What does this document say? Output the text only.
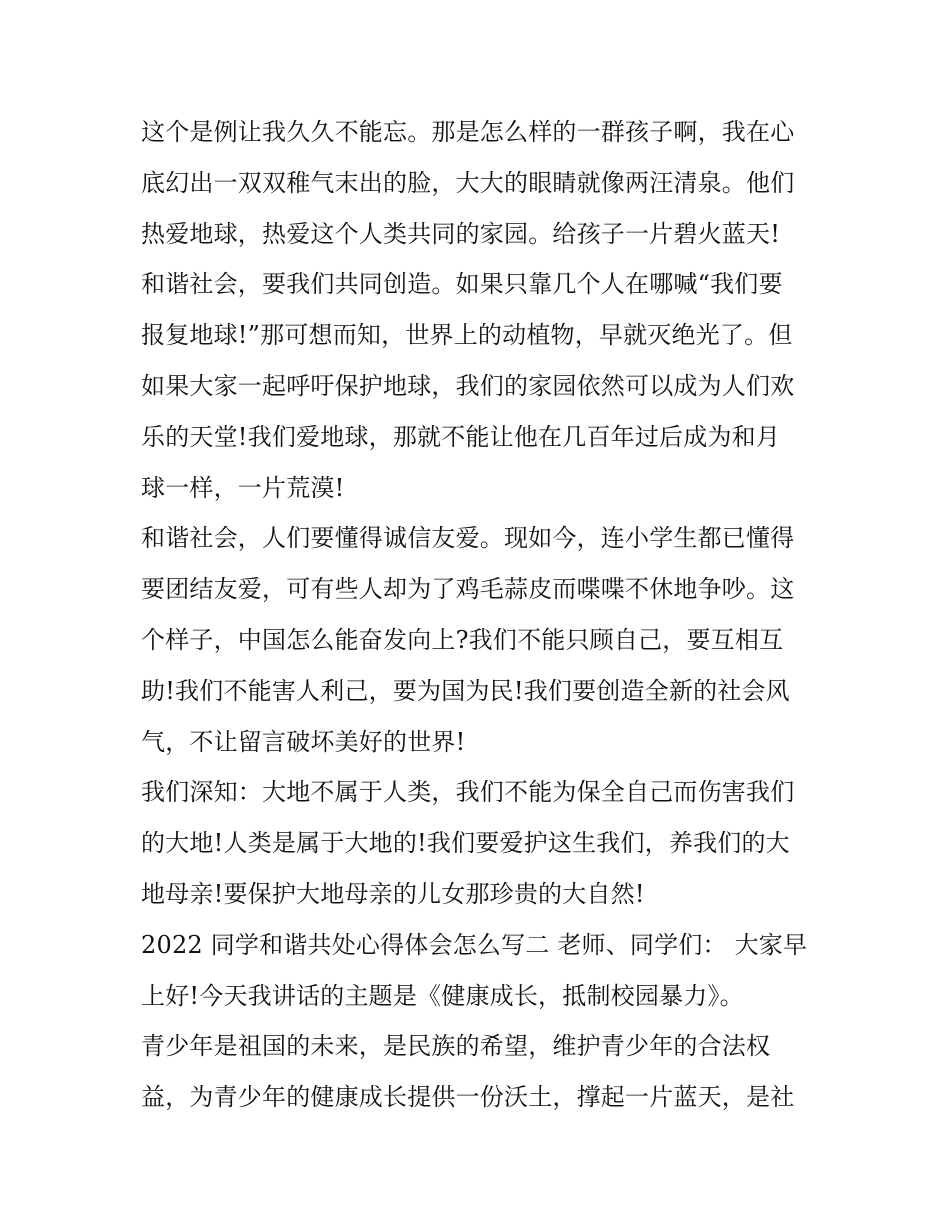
这个是例让我久久不能忘。那是怎么样的一群孩子啊，我在心
底幻出一双双稚气末出的脸，大大的眼睛就像两汪清泉。他们
热爱地球，热爱这个人类共同的家园。给孩子一片碧火蓝天!
和谐社会，要我们共同创造。如果只靠几个人在哪喊“我们要
报复地球!”那可想而知，世界上的动植物，早就灭绝光了。但
如果大家一起呼吁保护地球，我们的家园依然可以成为人们欢
乐的天堂!我们爱地球，那就不能让他在几百年过后成为和月
球一样，一片荒漠!
和谐社会，人们要懂得诚信友爱。现如今，连小学生都已懂得
要团结友爱，可有些人却为了鸡毛蒜皮而喋喋不休地争吵。这
个样子，中国怎么能奋发向上?我们不能只顾自己，要互相互
助!我们不能害人利己，要为国为民!我们要创造全新的社会风
气，不让留言破坏美好的世界!
我们深知：大地不属于人类，我们不能为保全自己而伤害我们
的大地!人类是属于大地的!我们要爱护这生我们，养我们的大
地母亲!要保护大地母亲的儿女那珍贵的大自然!
2022 同学和谐共处心得体会怎么写二 老师、同学们： 大家早
上好!今天我讲话的主题是《健康成长，抵制校园暴力》。
青少年是祖国的未来，是民族的希望，维护青少年的合法权
益，为青少年的健康成长提供一份沃土，撑起一片蓝天，是社
